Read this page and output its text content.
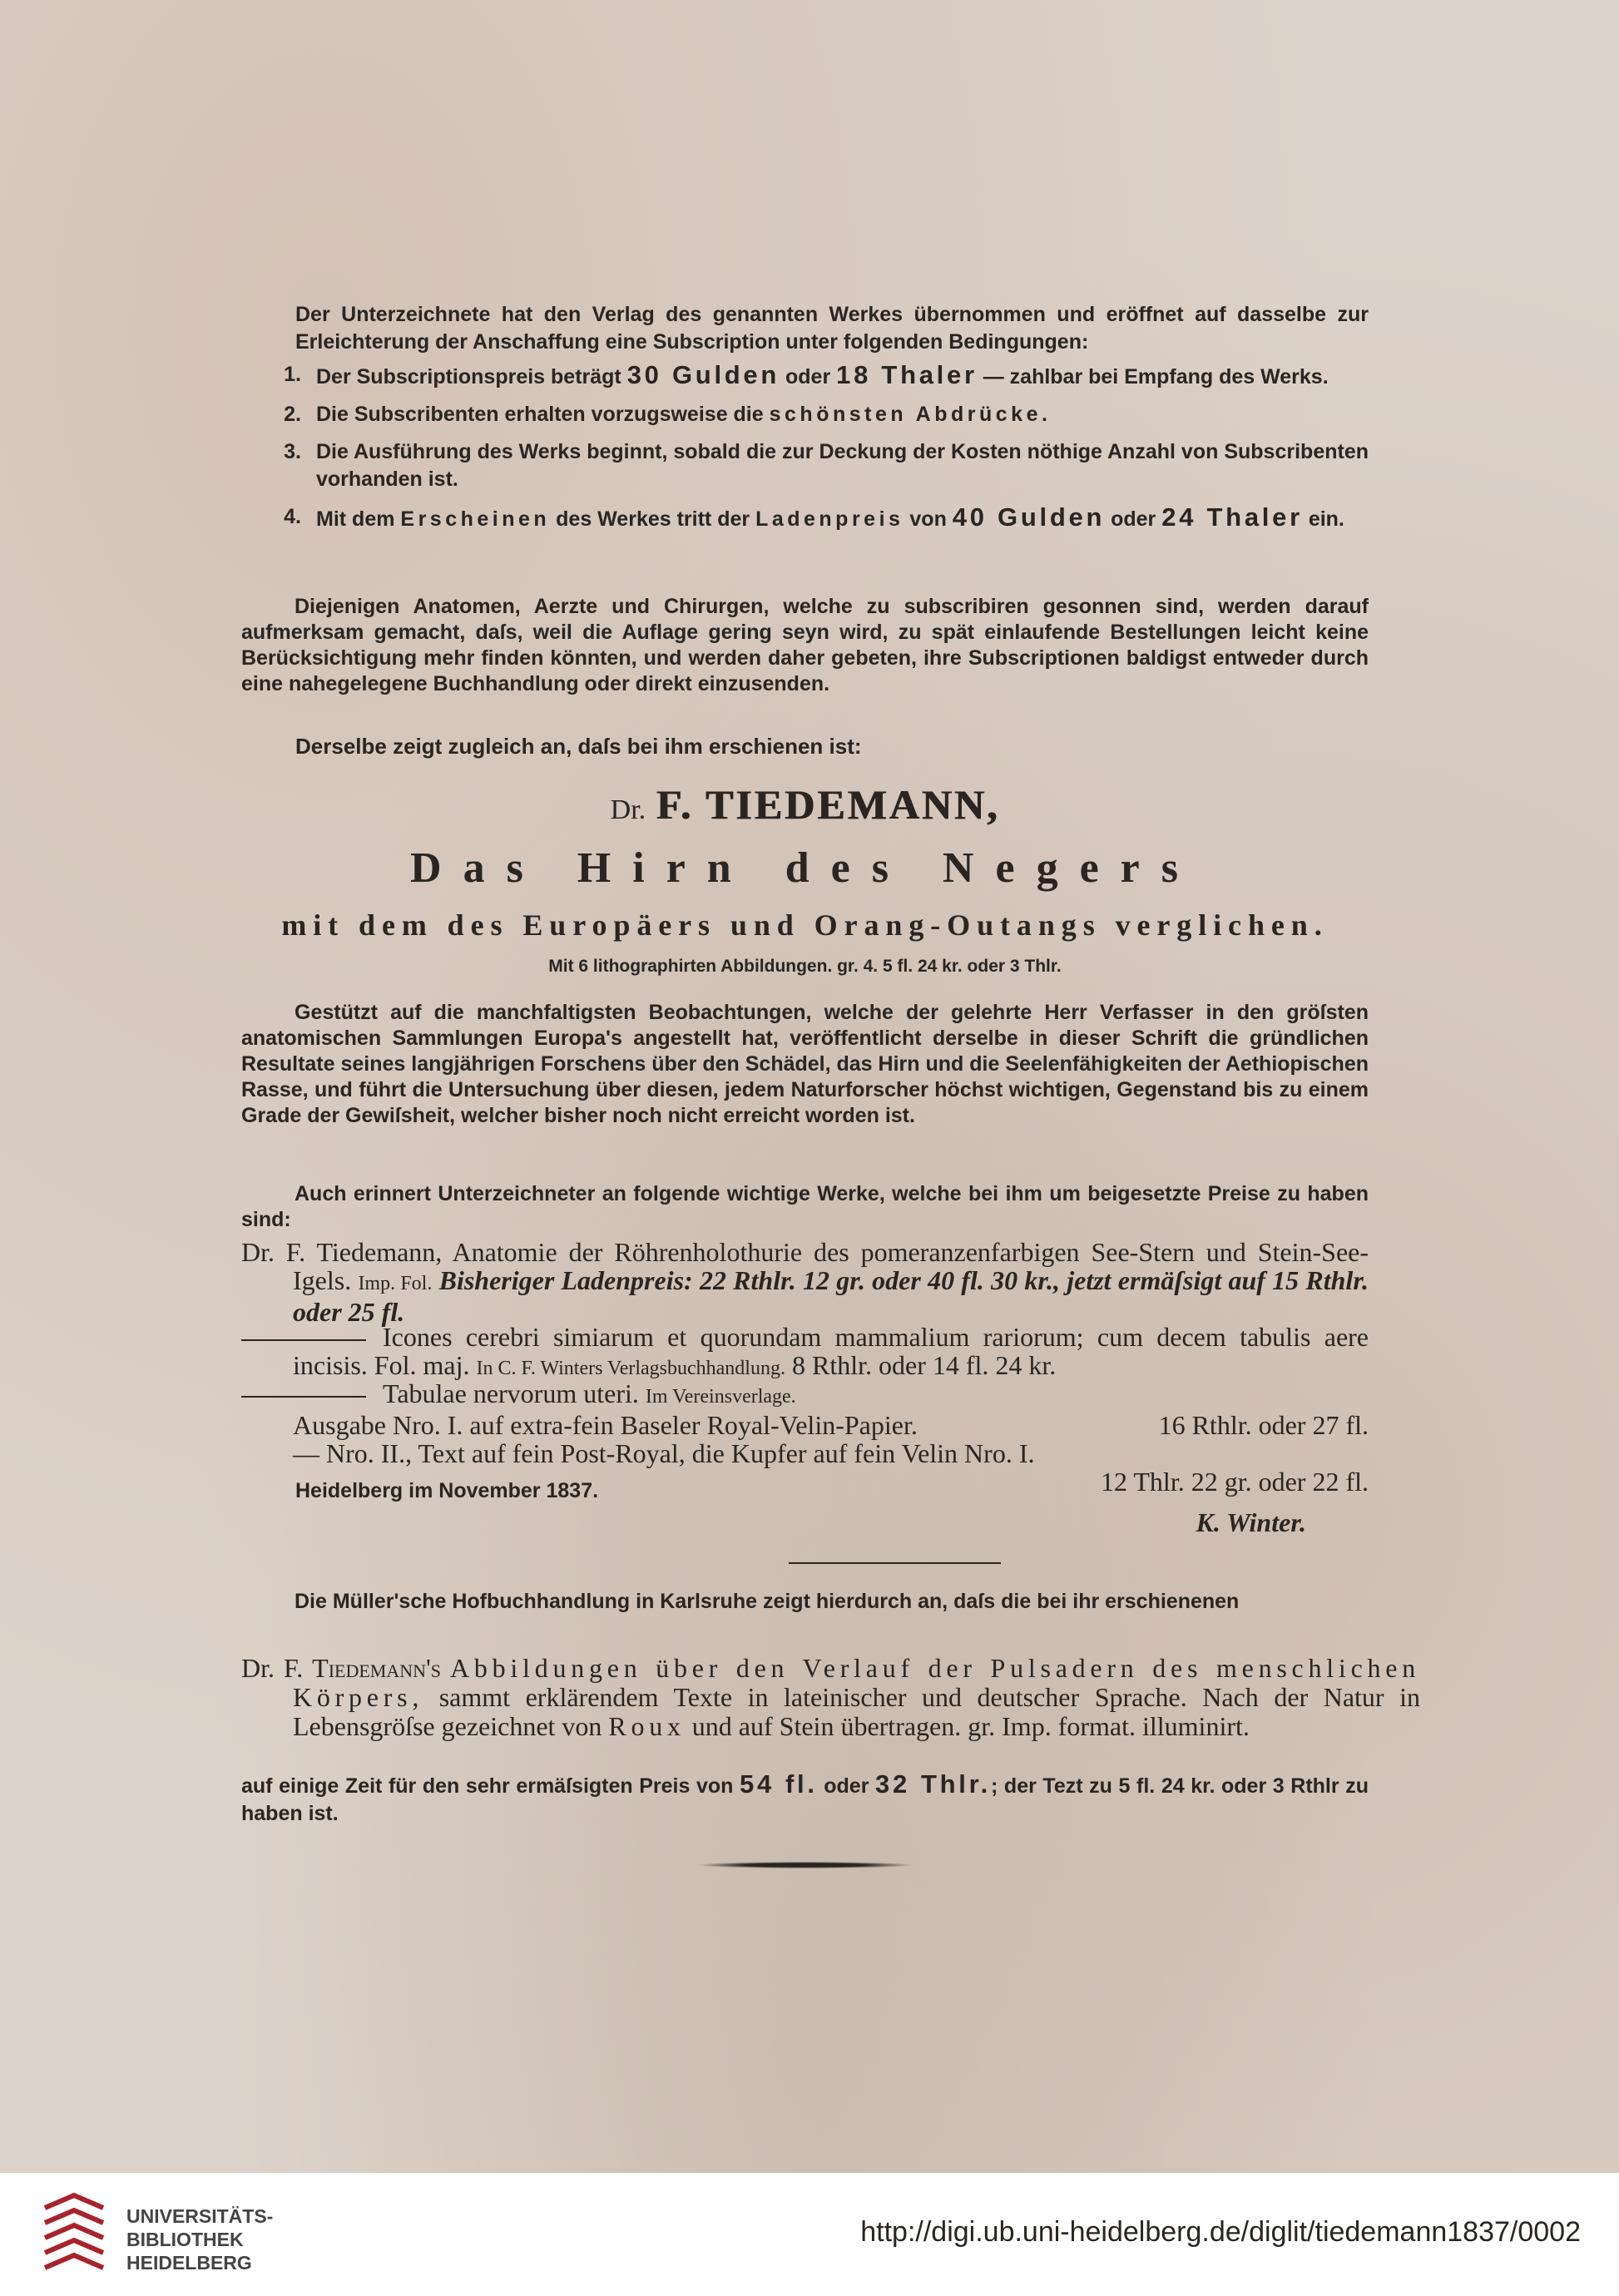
Der Unterzeichnete hat den Verlag des genannten Werkes übernommen und eröffnet auf dasselbe zur Erleichterung der Anschaffung eine Subscription unter folgenden Bedingungen:
1. Der Subscriptionspreis beträgt 30 Gulden oder 18 Thaler — zahlbar bei Empfang des Werks.
2. Die Subscribenten erhalten vorzugsweise die schönsten Abdrücke.
3. Die Ausführung des Werks beginnt, sobald die zur Deckung der Kosten nöthige Anzahl von Subscribenten vorhanden ist.
4. Mit dem Erscheinen des Werkes tritt der Ladenpreis von 40 Gulden oder 24 Thaler ein.
Diejenigen Anatomen, Aerzte und Chirurgen, welche zu subscribiren gesonnen sind, werden darauf aufmerksam gemacht, daſs, weil die Auflage gering seyn wird, zu spät einlaufende Bestellungen leicht keine Berücksichtigung mehr finden könnten, und werden daher gebeten, ihre Subscriptionen baldigst entweder durch eine nahegelegene Buchhandlung oder direkt einzusenden.
Derselbe zeigt zugleich an, daſs bei ihm erschienen ist:
Dr. F. TIEDEMANN,
Das Hirn des Negers
mit dem des Europäers und Orang-Outangs verglichen.
Mit 6 lithographirten Abbildungen. gr. 4. 5 fl. 24 kr. oder 3 Thlr.
Gestützt auf die manchfaltigsten Beobachtungen, welche der gelehrte Herr Verfasser in den gröſsten anatomischen Sammlungen Europa's angestellt hat, veröffentlicht derselbe in dieser Schrift die gründlichen Resultate seines langjährigen Forschens über den Schädel, das Hirn und die Seelenfähigkeiten der Aethiopischen Rasse, und führt die Untersuchung über diesen, jedem Naturforscher höchst wichtigen, Gegenstand bis zu einem Grade der Gewiſsheit, welcher bisher noch nicht erreicht worden ist.
Auch erinnert Unterzeichneter an folgende wichtige Werke, welche bei ihm um beigesetzte Preise zu haben sind:
Dr. F. Tiedemann, Anatomie der Röhrenholothurie des pomeranzenfarbigen See-Stern und Stein-See-Igels. Imp. Fol. Bisheriger Ladenpreis: 22 Rthlr. 12 gr. oder 40 fl. 30 kr., jetzt ermäſsigt auf 15 Rthlr. oder 25 fl.
Icones cerebri simiarum et quorundam mammalium rariorum; cum decem tabulis aere incisis. Fol. maj. In C. F. Winters Verlagsbuchhandlung. 8 Rthlr. oder 14 fl. 24 kr.
Tabulae nervorum uteri. Im Vereinsverlage.
Ausgabe Nro. I. auf extra-fein Baseler Royal-Velin-Papier.	16 Rthlr. oder 27 fl.
— Nro. II., Text auf fein Post-Royal, die Kupfer auf fein Velin Nro. I.
12 Thlr. 22 gr. oder 22 fl.
Heidelberg im November 1837.
K. Winter.
Die Müller'sche Hofbuchhandlung in Karlsruhe zeigt hierdurch an, daſs die bei ihr erschienenen
Dr. F. Tiedemann's Abbildungen über den Verlauf der Pulsadern des menschlichen Körpers, sammt erklärendem Texte in lateinischer und deutscher Sprache. Nach der Natur in Lebensgröſse gezeichnet von Roux und auf Stein übertragen. gr. Imp. format. illuminirt.
auf einige Zeit für den sehr ermäſsigten Preis von 54 fl. oder 32 Thlr.; der Tezt zu 5 fl. 24 kr. oder 3 Rthlr zu haben ist.
UNIVERSITÄTS-
BIBLIOTHEK
HEIDELBERG
http://digi.ub.uni-heidelberg.de/diglit/tiedemann1837/0002
